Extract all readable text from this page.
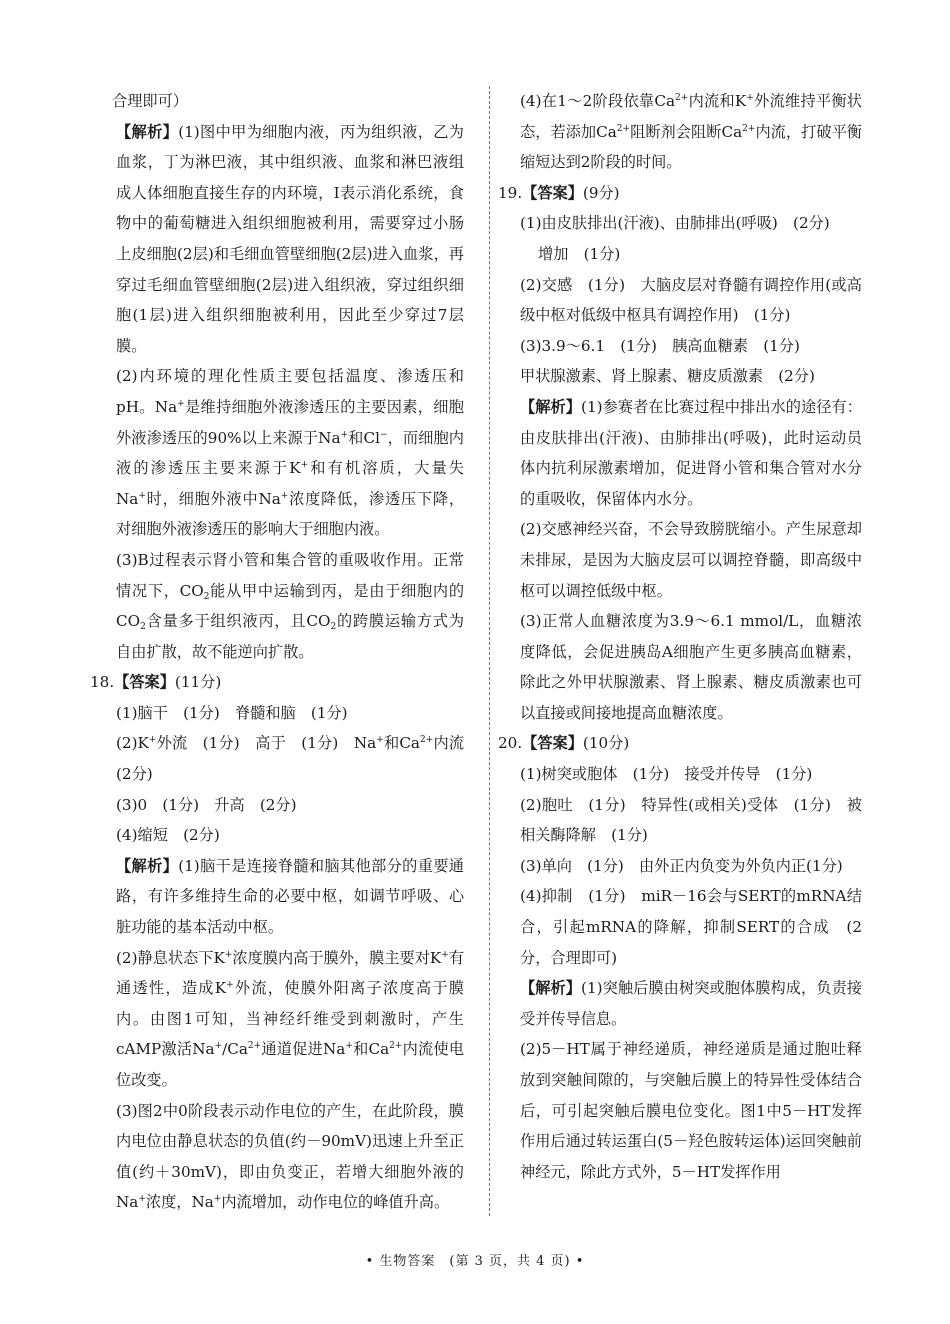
合理即可）

【解析】(1)图中甲为细胞内液，丙为组织液，乙为血浆，丁为淋巴液，其中组织液、血浆和淋巴液组成人体细胞直接生存的内环境，Ⅰ表示消化系统，食物中的葡萄糖进入组织细胞被利用，需要穿过小肠上皮细胞(2层)和毛细血管壁细胞(2层)进入血浆，再穿过毛细血管壁细胞(2层)进入组织液，穿过组织细胞(1层)进入组织细胞被利用，因此至少穿过7层膜。

(2)内环境的理化性质主要包括温度、渗透压和pH。Na+是维持细胞外液渗透压的主要因素，细胞外液渗透压的90%以上来源于Na+和Cl−，而细胞内液的渗透压主要来源于K+和有机溶质，大量失Na+时，细胞外液中Na+浓度降低，渗透压下降，对细胞外液渗透压的影响大于细胞内液。

(3)B过程表示肾小管和集合管的重吸收作用。正常情况下，$CO_2$能从甲中运输到丙，是由于细胞内的$CO_2$含量多于组织液丙，且$CO_2$的跨膜运输方式为自由扩散，故不能逆向扩散。

18.【答案】(11分)

(1)脑干　(1分)　脊髓和脑　(1分)

(2)K+外流　(1分)　高于　(1分)　Na+和$Ca^{2+}$内流　(2分)

(3)0　(1分)　升高　(2分)

(4)缩短　(2分)

【解析】(1)脑干是连接脊髓和脑其他部分的重要通路，有许多维持生命的必要中枢，如调节呼吸、心脏功能的基本活动中枢。

(2)静息状态下K+浓度膜内高于膜外，膜主要对K+有通透性，造成K+外流，使膜外阳离子浓度高于膜内。由图1可知，当神经纤维受到刺激时，产生cAMP激活$Na^+/Ca^{2+}$通道促进Na+和$Ca^{2+}$内流使电位改变。

(3)图2中0阶段表示动作电位的产生，在此阶段，膜内电位由静息状态的负值(约－90mV)迅速上升至正值(约＋30mV)，即由负变正，若增大细胞外液的Na+浓度，Na+内流增加，动作电位的峰值升高。

(4)在1～2阶段依靠$Ca^{2+}$内流和K+外流维持平衡状态，若添加$Ca^{2+}$阻断剂会阻断$Ca^{2+}$内流，打破平衡缩短达到2阶段的时间。

19.【答案】(9分)

(1)由皮肤排出(汗液)、由肺排出(呼吸)　(2分)

增加　(1分)

(2)交感　(1分)　大脑皮层对脊髓有调控作用(或高级中枢对低级中枢具有调控作用)　(1分)

(3)3.9～6.1　(1分)　胰高血糖素　(1分)

甲状腺激素、肾上腺素、糖皮质激素　(2分)

【解析】(1)参赛者在比赛过程中排出水的途径有：由皮肤排出(汗液)、由肺排出(呼吸)，此时运动员体内抗利尿激素增加，促进肾小管和集合管对水分的重吸收，保留体内水分。

(2)交感神经兴奋，不会导致膀胱缩小。产生尿意却未排尿，是因为大脑皮层可以调控脊髓，即高级中枢可以调控低级中枢。

(3)正常人血糖浓度为3.9～6.1 mmol/L，血糖浓度降低，会促进胰岛A细胞产生更多胰高血糖素，除此之外甲状腺激素、肾上腺素、糖皮质激素也可以直接或间接地提高血糖浓度。

20.【答案】(10分)

(1)树突或胞体　(1分)　接受并传导　(1分)

(2)胞吐　(1分)　特异性(或相关)受体　(1分)　被相关酶降解　(1分)

(3)单向　(1分)　由外正内负变为外负内正(1分)

(4)抑制　(1分)　miR－16会与SERT的mRNA结合，引起mRNA的降解，抑制SERT的合成　(2分，合理即可)

【解析】(1)突触后膜由树突或胞体膜构成，负责接受并传导信息。

(2)5－HT属于神经递质，神经递质是通过胞吐释放到突触间隙的，与突触后膜上的特异性受体结合后，可引起突触后膜电位变化。图1中5－HT发挥作用后通过转运蛋白(5－羟色胺转运体)运回突触前神经元，除此方式外，5－HT发挥作用

• 生物答案　(第 3 页，共 4 页) •
